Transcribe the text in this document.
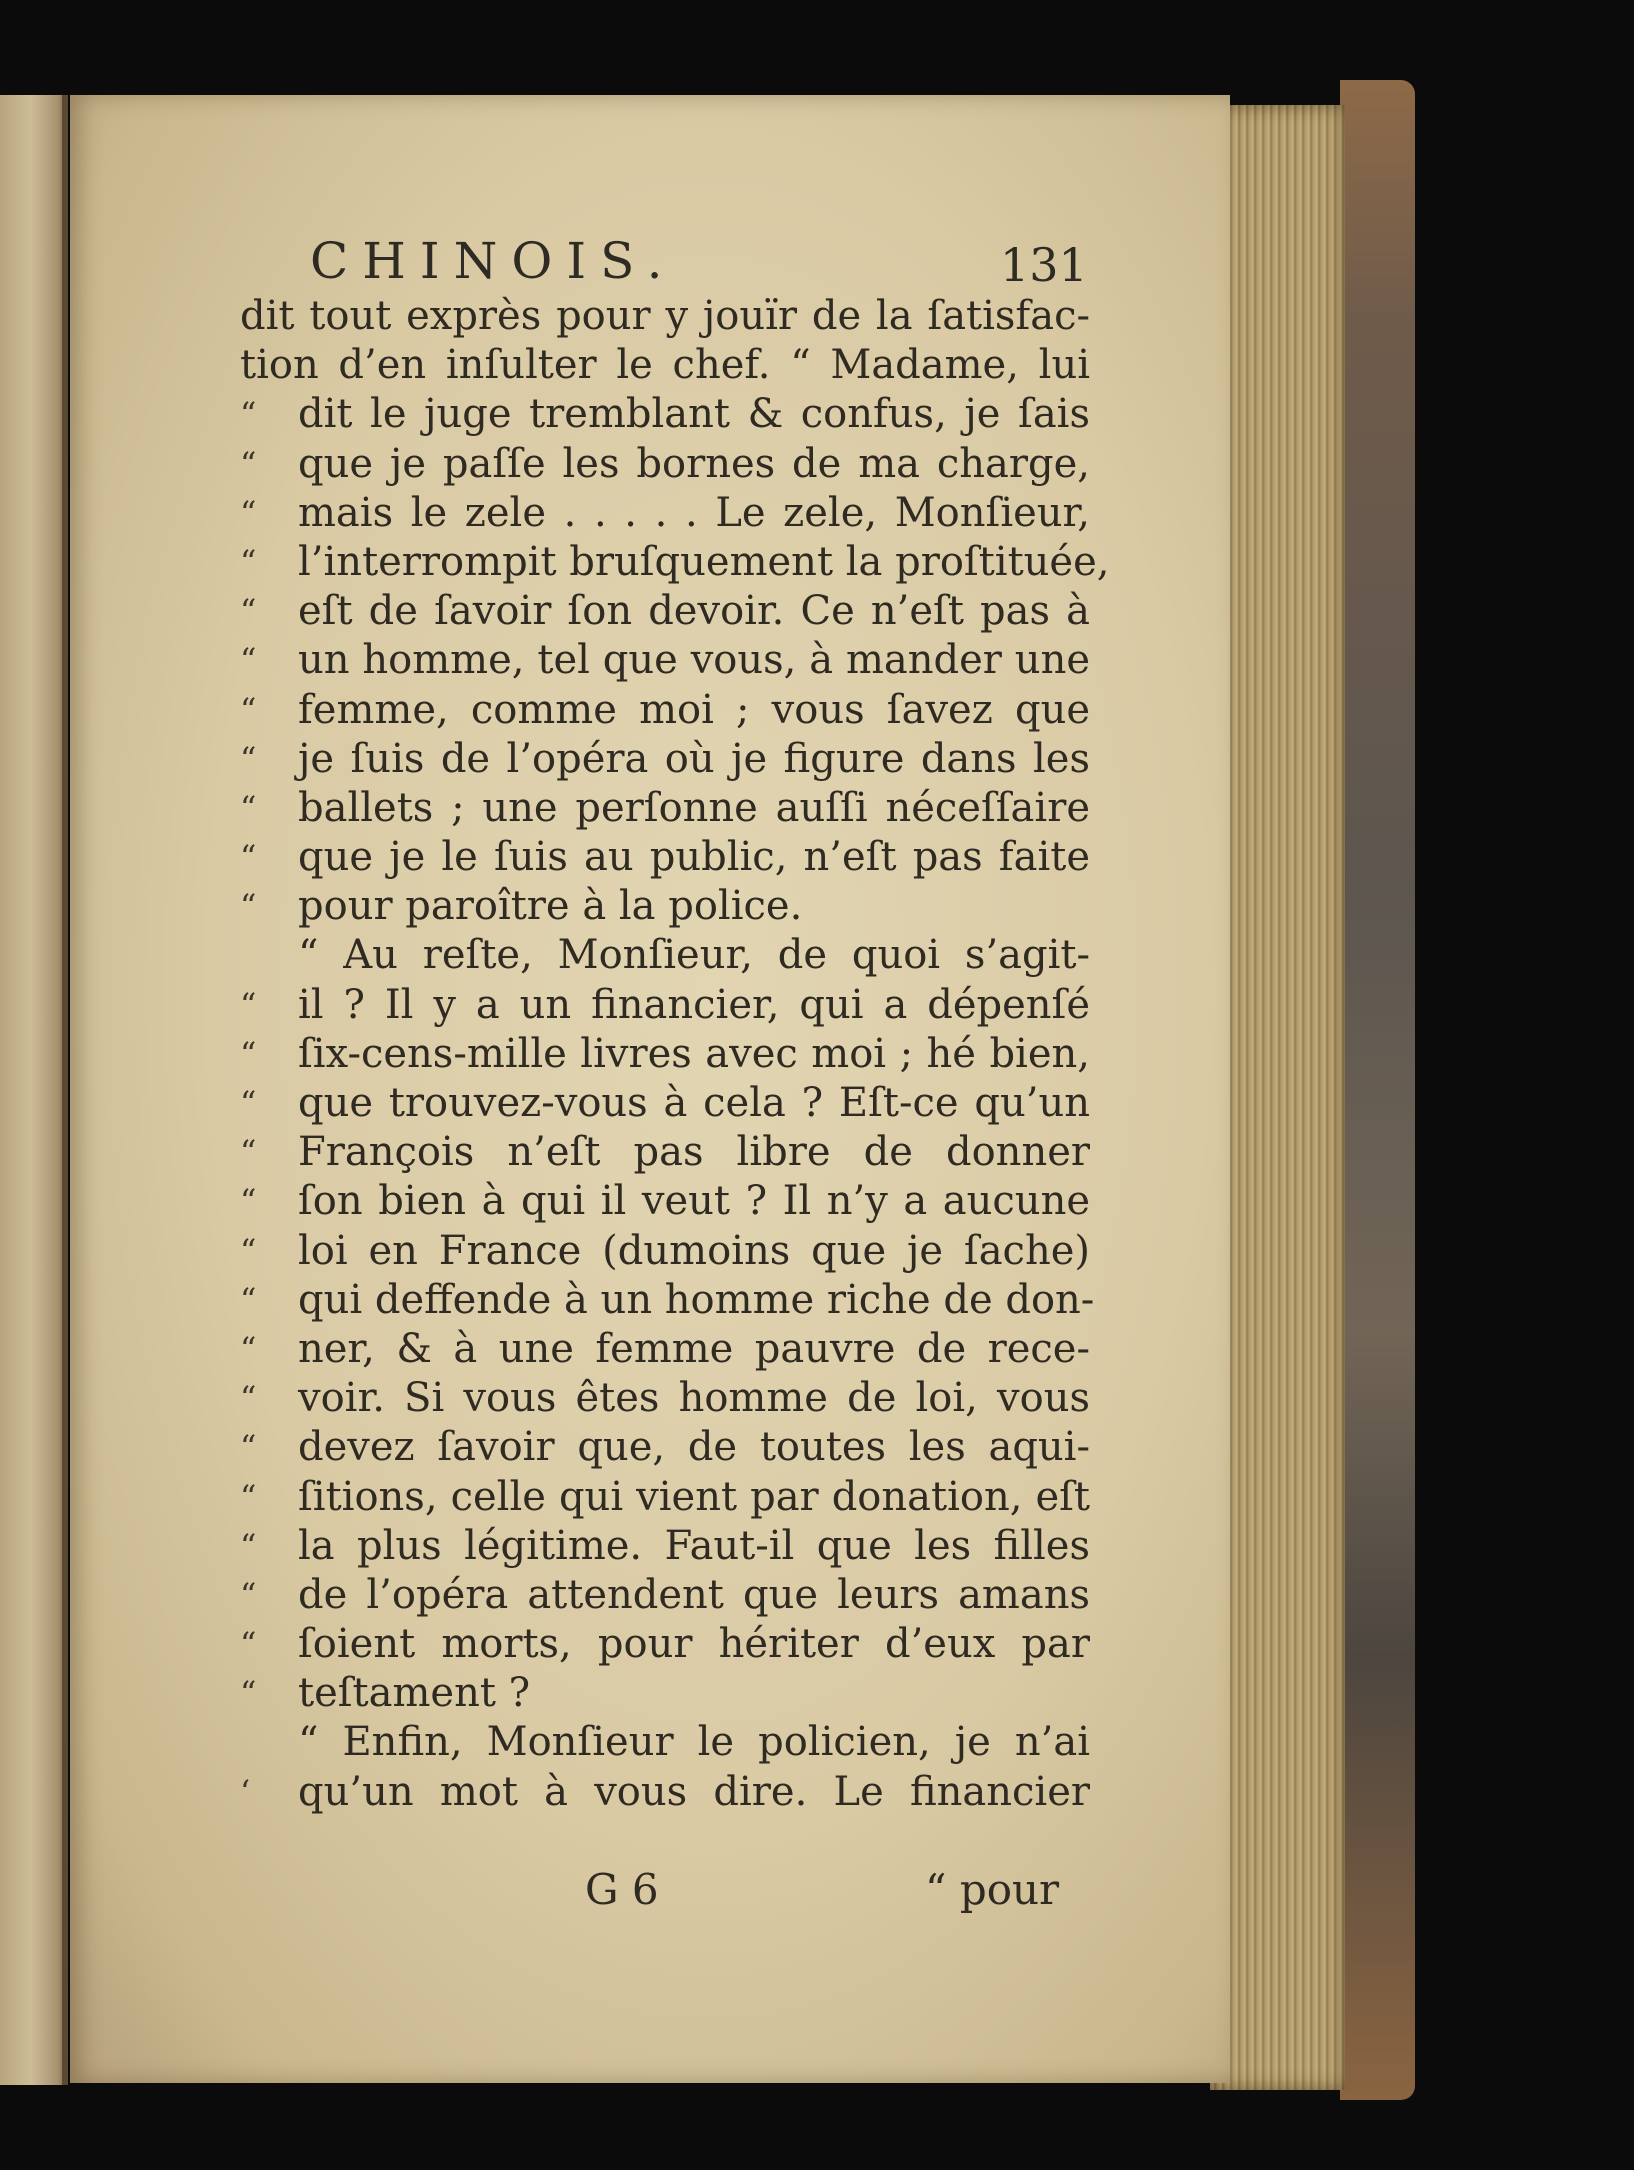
CHINOIS.	131
dit tout exprès pour y jouïr de la ſatisfac-
tion d’en inſulter le chef. “ Madame, lui
“	dit le juge tremblant & confus, je ſais
“	que je paſſe les bornes de ma charge,
“	mais le zele . . . . . Le zele, Monſieur,
“	l’interrompit bruſquement la proſtituée,
“	eſt de ſavoir ſon devoir. Ce n’eſt pas à
“	un homme, tel que vous, à mander une
“	femme, comme moi ; vous ſavez que
“	je ſuis de l’opéra où je figure dans les
“	ballets ; une perſonne auſſi néceſſaire
“	que je le ſuis au public, n’eſt pas faite
“	pour paroître à la police.
“ Au reſte, Monſieur, de quoi s’agit-
“	il ? Il y a un financier, qui a dépenſé
“	ſix-cens-mille livres avec moi ; hé bien,
“	que trouvez-vous à cela ? Eſt-ce qu’un
“	François n’eſt pas libre de donner
“	ſon bien à qui il veut ? Il n’y a aucune
“	loi en France (dumoins que je ſache)
“	qui deffende à un homme riche de don-
“	ner, & à une femme pauvre de rece-
“	voir. Si vous êtes homme de loi, vous
“	devez ſavoir que, de toutes les aqui-
“	ſitions, celle qui vient par donation, eſt
“	la plus légitime. Faut-il que les filles
“	de l’opéra attendent que leurs amans
“	ſoient morts, pour hériter d’eux par
“	teſtament ?
“ Enfin, Monſieur le policien, je n’ai
‘	qu’un mot à vous dire. Le financier
G 6	“ pour
